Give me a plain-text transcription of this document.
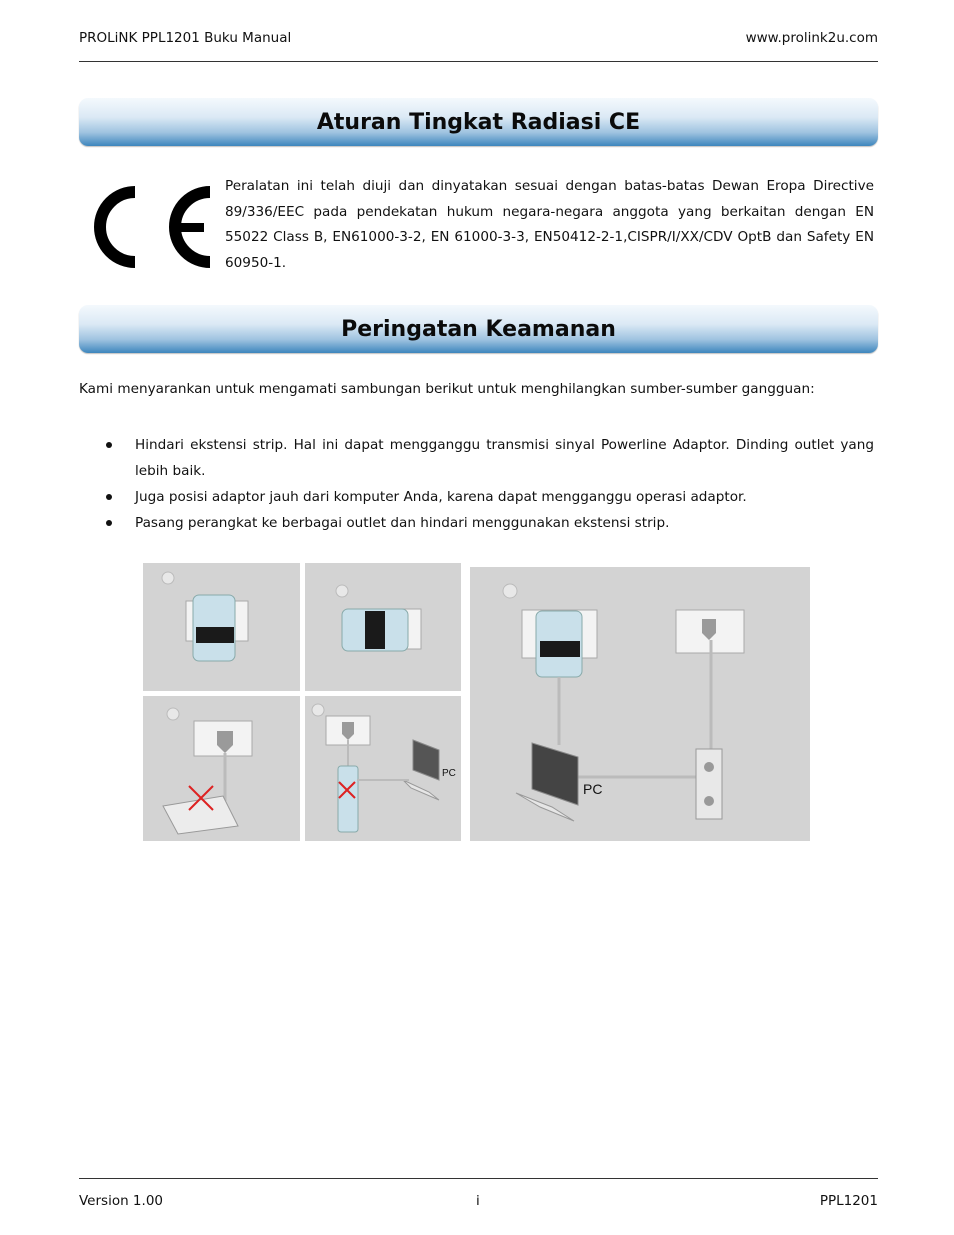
PROLiNK PPL1201 Buku Manual	www.prolink2u.com
Aturan Tingkat Radiasi CE
Peralatan ini telah diuji dan dinyatakan sesuai dengan batas-batas Dewan Eropa Directive 89/336/EEC pada pendekatan hukum negara-negara anggota yang berkaitan dengan EN 55022 Class B, EN61000-3-2, EN 61000-3-3, EN50412-2-1,CISPR/I/XX/CDV OptB dan Safety EN 60950-1.
Peringatan Keamanan
Kami menyarankan untuk mengamati sambungan berikut untuk menghilangkan sumber-sumber gangguan:
Hindari ekstensi strip. Hal ini dapat mengganggu transmisi sinyal Powerline Adaptor. Dinding outlet yang lebih baik.
Juga posisi adaptor jauh dari komputer Anda, karena dapat mengganggu operasi adaptor.
Pasang perangkat ke berbagai outlet dan hindari menggunakan ekstensi strip.
PC
PC
Version 1.00	i	PPL1201
